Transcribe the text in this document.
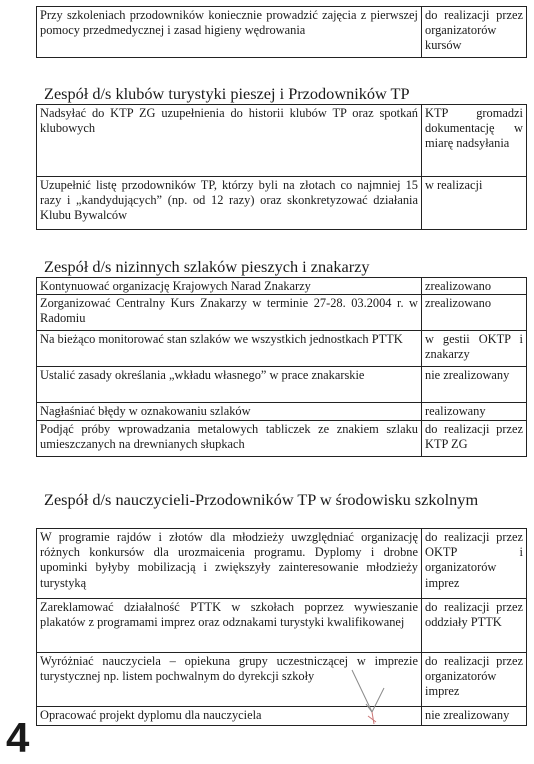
Przy szkoleniach przodowników koniecznie prowadzić zajęcia z pierwszej pomocy przedmedycznej i zasad higieny wędrowania	do realizacji przez organizatorów kursów
Zespół d/s klubów turystyki pieszej i Przodowników TP
Nadsyłać do KTP ZG uzupełnienia do historii klubów TP oraz spotkań klubowych	KTP gromadzi dokumentację w miarę nadsyłania
Uzupełnić listę przodowników TP, którzy byli na złotach co najmniej 15 razy i „kandydujących” (np. od 12 razy) oraz skonkretyzować działania Klubu Bywalców	w realizacji
Zespół d/s nizinnych szlaków pieszych i znakarzy
Kontynuować organizację Krajowych Narad Znakarzy	zrealizowano
Zorganizować Centralny Kurs Znakarzy w terminie 27-28. 03.2004 r. w Radomiu	zrealizowano
Na bieżąco monitorować stan szlaków we wszystkich jednostkach PTTK	w gestii OKTP i znakarzy
Ustalić zasady określania „wkładu własnego” w prace znakarskie	nie zrealizowany
Nagłaśniać błędy w oznakowaniu szlaków	realizowany
Podjąć próby wprowadzania metalowych tabliczek ze znakiem szlaku umieszczanych na drewnianych słupkach	do realizacji przez KTP ZG
Zespół d/s nauczycieli-Przodowników TP w środowisku szkolnym
W programie rajdów i złotów dla młodzieży uwzględniać organizację różnych konkursów dla urozmaicenia programu. Dyplomy i drobne upominki byłyby mobilizacją i zwiększyły zainteresowanie młodzieży turystyką	do realizacji przez OKTP i organizatorów imprez
Zareklamować działalność PTTK w szkołach poprzez wywieszanie plakatów z programami imprez oraz odznakami turystyki kwalifikowanej	do realizacji przez oddziały PTTK
Wyróżniać nauczyciela – opiekuna grupy uczestniczącej w imprezie turystycznej np. listem pochwalnym do dyrekcji szkoły	do realizacji przez organizatorów imprez
Opracować projekt dyplomu dla nauczyciela	nie zrealizowany
4
